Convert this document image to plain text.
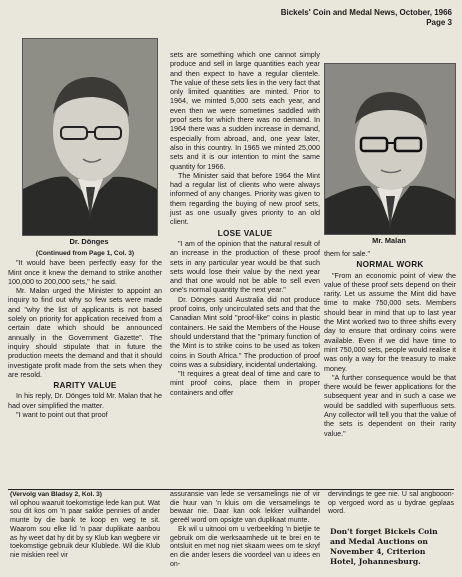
Bickels' Coin and Medal News, October, 1966
Page 3
Dr. Dönges	Mr. Malan
(Continued from Page 1, Col. 3)

"It would have been perfectly easy for the Mint once it knew the demand to strike another 100,000 to 200,000 sets," he said.

Mr. Malan urged the Minister to appoint an inquiry to find out why so few sets were made and "why the list of applicants is not based solely on priority for application received from a certain date which should be announced annually in the Government Gazette". The inquiry should stipulate that in future the production meets the demand and that it should investigate profit made from the sets when they are resold.

RARITY VALUE

In his reply, Dr. Dönges told Mr. Malan that he had over simplified the matter.

"I want to point out that proof

sets are something which one cannot simply produce and sell in large quantities each year and then expect to have a regular clientele. The value of these sets lies in the very fact that only limited quantities are minted. Prior to 1964, we minted 5,000 sets each year, and even then we were sometimes saddled with proof sets for which there was no demand. In 1964 there was a sudden increase in demand, especially from abroad, and, one year later, also in this country. In 1965 we minted 25,000 sets and it is our intention to mint the same quantity for 1966.

The Minister said that before 1964 the Mint had a regular list of clients who were always informed of any changes. Priority was given to them regarding the buying of new proof sets, just as one usually gives priority to an old client.

LOSE VALUE

"I am of the opinion that the natural result of an increase in the production of these proof sets in any particular year would be that such sets would lose their value by the next year and that one would not be able to sell even one's normal quantity the next year."

Dr. Dönges said Australia did not produce proof coins, only uncirculated sets and that the Canadian Mint sold "proof-like" coins in plastic containers. He said the Members of the House should understand that the "primary function of the Mint is to strike coins to be used as token coins in South Africa." The production of proof coins was a subsidiary, incidental undertaking.

"It requires a great deal of time and care to mint proof coins, place them in proper containers and offer

them for sale."

NORMAL WORK

"From an economic point of view the value of these proof sets depend on their rarity. Let us assume the Mint did have time to make 750,000 sets. Members should bear in mind that up to last year the Mint worked two to three shifts every day to ensure that ordinary coins were available. Even if we did have time to mint 750,000 sets, people would realise it was only a way for the treasury to make money.

"A further consequence would be that there would be fewer applications for the subsequent year and in such a case we would be saddled with superfluous sets. Any collector will tell you that the value of the sets is dependent on their rarity value."

(Vervolg van Bladsy 2, Kol. 3)
wil ophou waaruit toekomstige lede kan put. Wat sou dit kos om 'n paar sakke pennies of ander munte by die bank te koop en weg te sit. Waarom sou elke lid 'n paar duplikate aanbou as hy weet dat hy dit by sy Klub kan wegbere vir toekomstige gebruik deur Klublede. Wil die Klub nie miskien reel vir
assuransie van lede se versamelings nie of vir die huur van 'n kluis om die versamelings te bewaar nie. Daar kan ook lekker vuilhandel gereël word om opsigte van duplikaat munte.
Ek wil u uitnooi om u verbeelding 'n bietjie te gebruik om die werksaamhede uit te brei en te ontsluit en met nog niet skaam wees om te skryf en die ander lesers die voordeel van u idees en on-
dervindings te gee nie. U sal angbooon-op vergoed word as u bydrae geplaas word.
Don't forget Bickels Coin and Medal Auctions on November 4, Criterion Hotel, Johannesburg.
